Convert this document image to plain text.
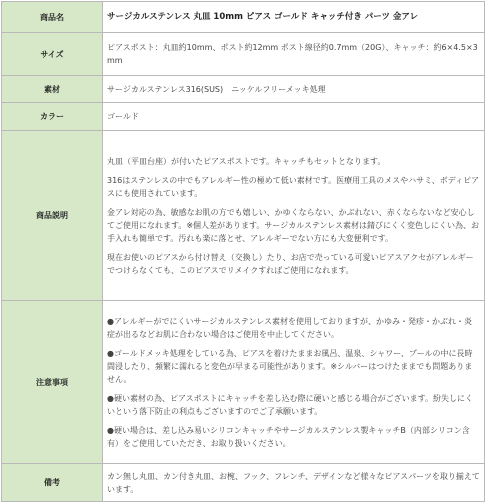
商品名	サージカルステンレス 丸皿 10mm ピアス ゴールド キャッチ付き パーツ 金アレ
サイズ	ピアスポスト：丸皿約10mm、ポスト約12mm ポスト線径約0.7mm（20G）、キャッチ：約6×4.5×3mm
素材	サージカルステンレス316(SUS)　ニッケルフリーメッキ処理
カラー	ゴールド
商品説明	丸皿（平皿台座）が付いたピアスポストです。キャッチもセットとなります。

316はステンレスの中でもアレルギー性の極めて低い素材です。医療用工具のメスやハサミ、ボディピアスにも使用されています。

金アレ対応の為、敏感なお肌の方でも嬉しい、かゆくならない、かぶれない、赤くならないなど安心してご使用になれます。※個人差があります。サージカルステンレス素材は錆びにくく変色しにくい為、お手入れも簡単です。汚れも楽に落とせ、アレルギーでない方にも大変便利です。

現在お使いのピアスから付け替え（交換し）たり、お店で売っている可愛いピアスアクセがアレルギーでつけらなくても、このピアスでリメイクすればご使用になれます。

注意事項	●アレルギーがでにくいサージカルステンレス素材を使用しておりますが、かゆみ・発疹・かぶれ・炎症が出るなどお肌に合わない場合はご使用を中止してください。

●ゴールドメッキ処理をしている為、ピアスを着けたままお風呂、温泉、シャワー、プールの中に長時間浸したり、頻繁に濡れると変色が早まる可能性があります。※シルバーはつけたままでも問題ありません。

●硬い素材の為、ピアスポストにキャッチを差し込む際に硬いと感じる場合がございます。紛失しにくいという落下防止の利点もございますのでご了承願います。

●硬い場合は、差し込み易いシリコンキャッチやサージカルステンレス製キャッチB（内部シリコン含有）をご使用していただき、お取り扱いください。

備考	カン無し丸皿、カン付き丸皿、お椀、フック、フレンチ、デザインなど様々なピアスパーツを取り揃えています。
